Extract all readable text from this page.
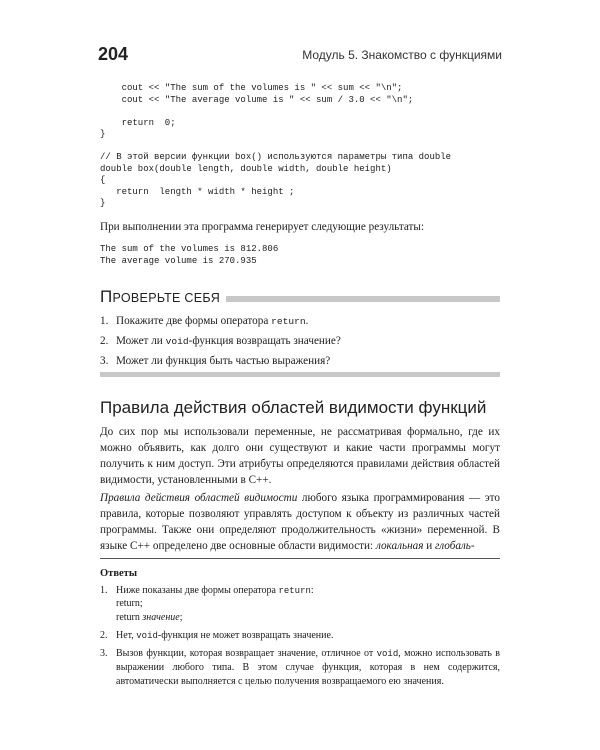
204	Модуль 5. Знакомство с функциями
cout << "The sum of the volumes is " << sum << "\n";
cout << "The average volume is " << sum / 3.0 << "\n";

return  0;
}

// В этой версии функции box() используются параметры типа double
double box(double length, double width, double height)
{
return  length * width * height ;
}

При выполнении эта программа генерирует следующие результаты:

The sum of the volumes is 812.806
The average volume is 270.935
ПРОВЕРЬТЕ СЕБЯ
1. Покажите две формы оператора return.
2. Может ли void-функция возвращать значение?
3. Может ли функция быть частью выражения?
Правила действия областей видимости функций

До сих пор мы использовали переменные, не рассматривая формально, где их можно объявить, как долго они существуют и какие части программы могут получить к ним доступ. Эти атрибуты определяются правилами действия областей видимости, установленными в C++.

Правила действия областей видимости любого языка программирования — это правила, которые позволяют управлять доступом к объекту из различных частей программы. Также они определяют продолжительность «жизни» переменной. В языке C++ определено две основные области видимости: локальная и глобаль-

Ответы
1. Ниже показаны две формы оператора return:
return;
return значение;
2. Нет, void-функция не может возвращать значение.
3. Вызов функции, которая возвращает значение, отличное от void, можно использовать в выражении любого типа. В этом случае функция, которая в нем содержится, автоматически выполняется с целью получения возвращаемого ею значения.
